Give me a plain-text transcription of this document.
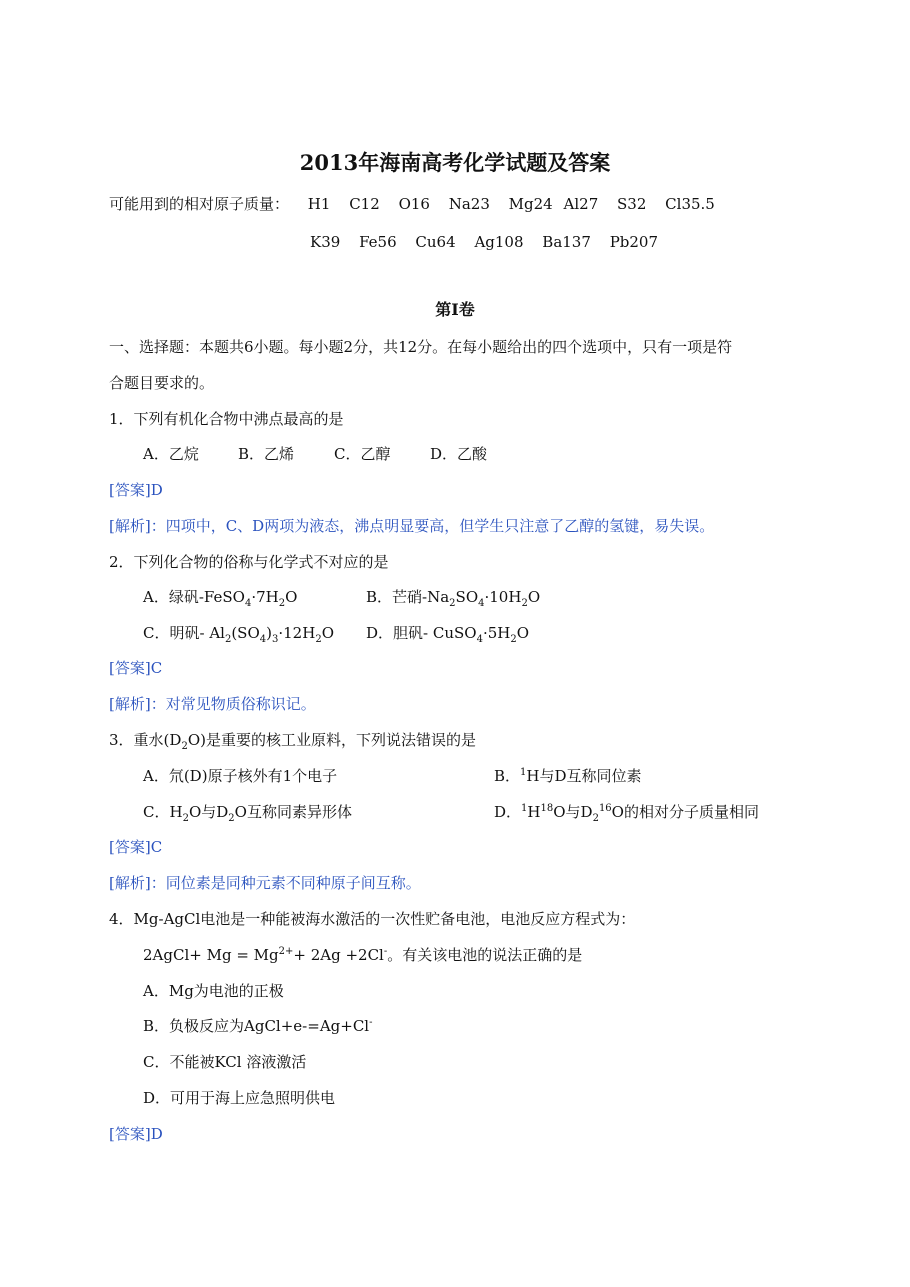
2013年海南高考化学试题及答案
可能用到的相对原子质量： H1 C12 O16 Na23 Mg24 Al27 S32 Cl35.5
K39 Fe56 Cu64 Ag108 Ba137 Pb207
第Ⅰ卷
一、选择题：本题共6小题。每小题2分，共12分。在每小题给出的四个选项中，只有一项是符
合题目要求的。
1．下列有机化合物中沸点最高的是
A．乙烷	B．乙烯	C．乙醇	D．乙酸
[答案]D
[解析]：四项中，C、D两项为液态，沸点明显要高，但学生只注意了乙醇的氢键，易失误。
2．下列化合物的俗称与化学式不对应的是
A．绿矾$-FeSO_4\cdot 7H_2O$	B．芒硝$-Na_2SO_4\cdot 10H_2O$
C．明矾- $Al_2(SO_4)_3\cdot 12H_2O$ D．胆矾- $CuSO_4\cdot 5H_2O$
[答案]C
[解析]：对常见物质俗称识记。
3．重水$(D_2O)$是重要的核工业原料，下列说法错误的是
A．氘(D)原子核外有1个电子	B．$^1$H与D互称同位素
C．$H_2O$与$D_2O$互称同素异形体	D．$^1H^{18}O$与$D_2^{16}O$的相对分子质量相同
[答案]C
[解析]：同位素是同种元素不同种原子间互称。
4．Mg-AgCl电池是一种能被海水激活的一次性贮备电池，电池反应方程式为：
2AgCl+ $Mg = Mg^{2+}+ 2Ag +2Cl^-$。有关该电池的说法正确的是
A．Mg为电池的正极
B．负极反应为AgCl+e-=Ag+Cl-
C．不能被KCl 溶液激活
D．可用于海上应急照明供电
[答案]D
